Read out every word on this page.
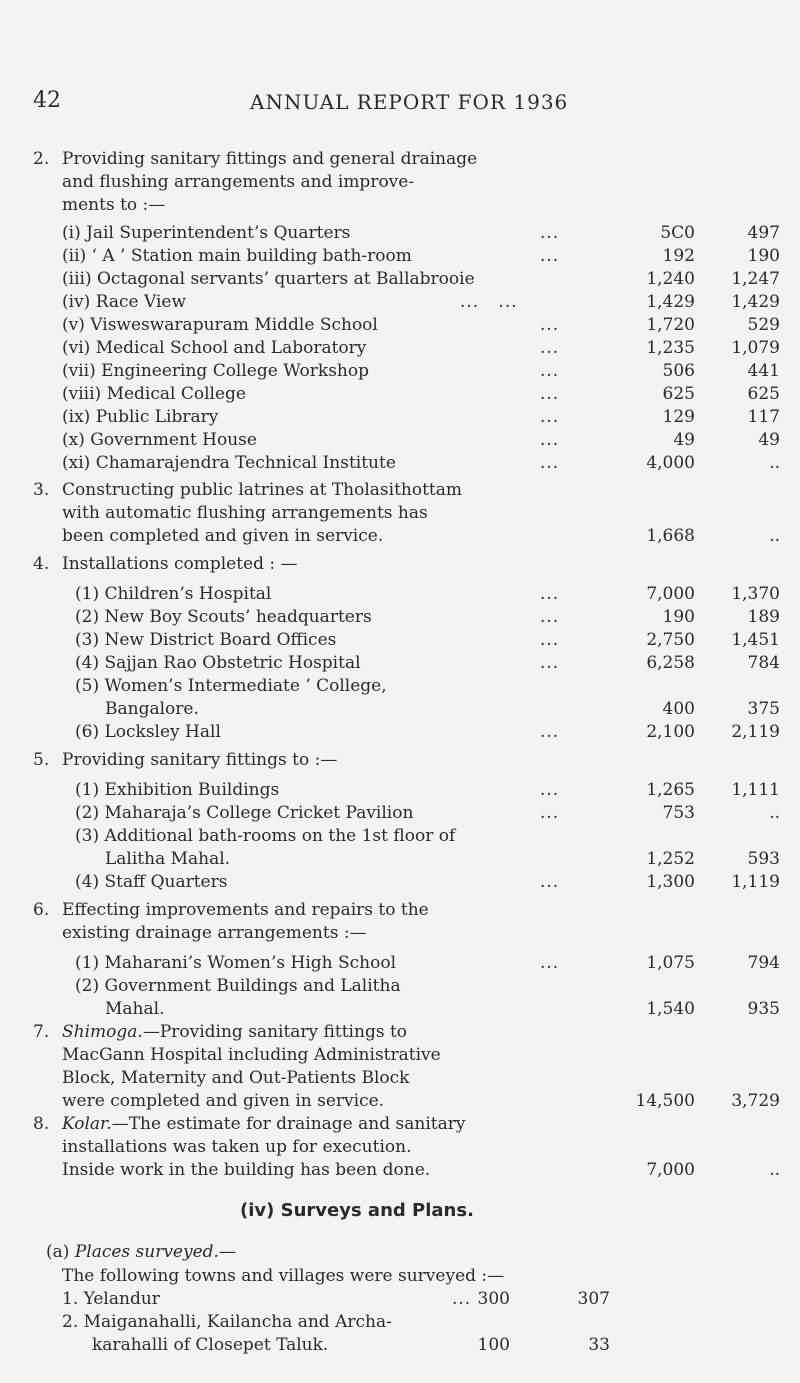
42	ANNUAL REPORT FOR 1936
2. Providing sanitary fittings and general drainage
and flushing arrangements and improve-
ments to :—
(i) Jail Superintendent’s Quarters	...	5C0	497
(ii) ‘ A ’ Station main building bath-room	...	192	190
(iii) Octagonal servants’ quarters at Ballabrooie	1,240	1,247
(iv) Race View	...   ...	1,429	1,429
(v) Visweswarapuram Middle School	...	1,720	529
(vi) Medical School and Laboratory	...	1,235	1,079
(vii) Engineering College Workshop	...	506	441
(viii) Medical College	...	625	625
(ix) Public Library	...	129	117
(x) Government House	...	49	49
(xi) Chamarajendra Technical Institute	...	4,000	..
3. Constructing public latrines at Tholasithottam
with automatic flushing arrangements has
been completed and given in service.	1,668	..
4. Installations completed : —
(1) Children’s Hospital	...	7,000	1,370
(2) New Boy Scouts’ headquarters	...	190	189
(3) New District Board Offices	...	2,750	1,451
(4) Sajjan Rao Obstetric Hospital	...	6,258	784
(5) Women’s Intermediate ’ College,
Bangalore.	400	375
(6) Locksley Hall	...	2,100	2,119
5. Providing sanitary fittings to :—
(1) Exhibition Buildings	...	1,265	1,111
(2) Maharaja’s College Cricket Pavilion	...	753	..
(3) Additional bath-rooms on the 1st floor of
Lalitha Mahal.	1,252	593
(4) Staff Quarters	...	1,300	1,119
6. Effecting improvements and repairs to the
existing drainage arrangements :—
(1) Maharani’s Women’s High School	...	1,075	794
(2) Government Buildings and Lalitha
Mahal.	1,540	935
7. Shimoga.—Providing sanitary fittings to
MacGann Hospital including Administrative
Block, Maternity and Out-Patients Block
were completed and given in service.	14,500	3,729
8. Kolar.—The estimate for drainage and sanitary
installations was taken up for execution.
Inside work in the building has been done.	7,000	..
(iv) Surveys and Plans.
(a) Places surveyed.—
The following towns and villages were surveyed :—
1. Yelandur	... 300	307
2. Maiganahalli, Kailancha and Archa-
karahalli of Closepet Taluk.	100	33
